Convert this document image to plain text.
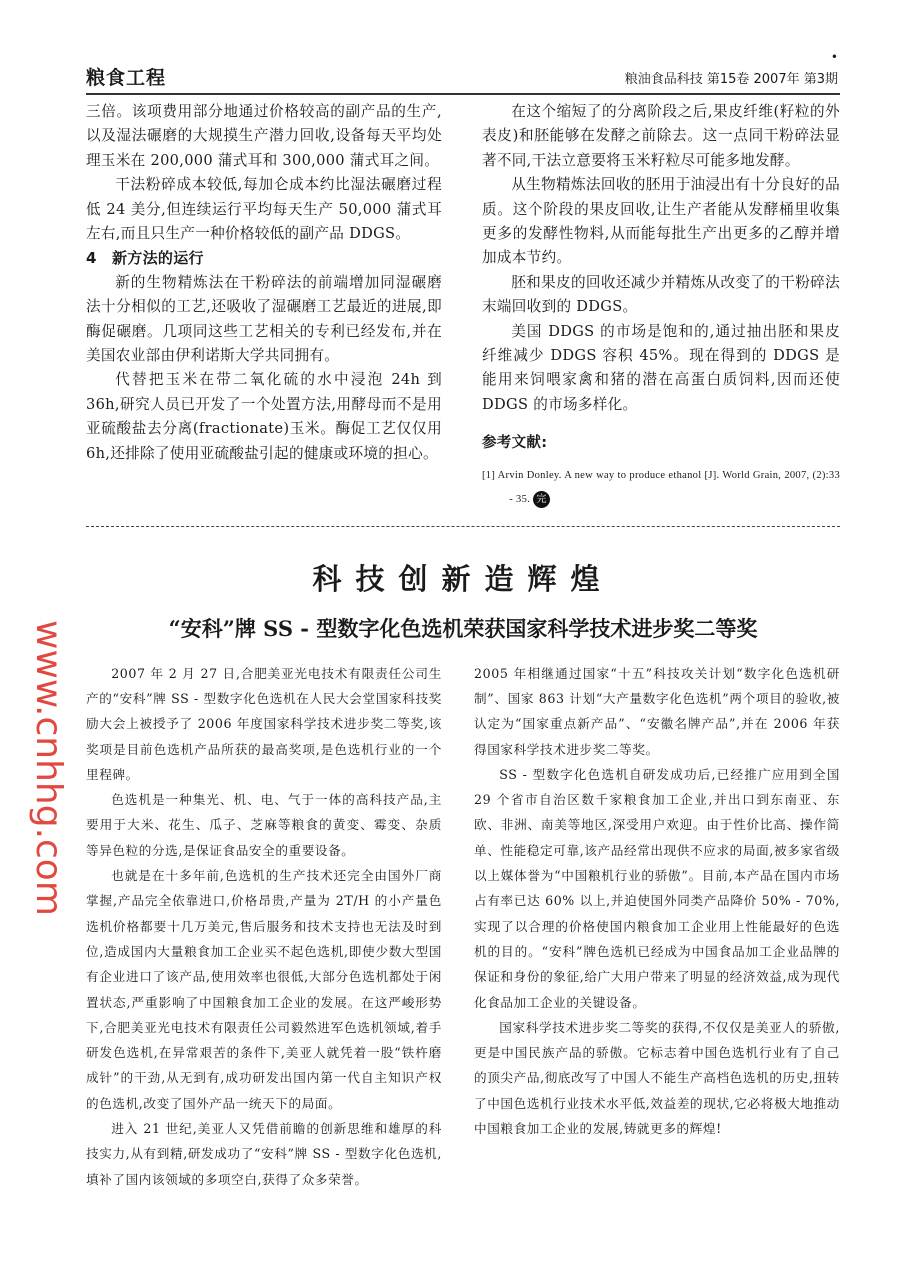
粮食工程
•
粮油食品科技 第15卷 2007年 第3期

三倍。该项费用部分地通过价格较高的副产品的生产,以及湿法碾磨的大规摸生产潜力回收,设备每天平均处理玉米在 200,000 蒲式耳和 300,000 蒲式耳之间。

干法粉碎成本较低,每加仑成本约比湿法碾磨过程低 24 美分,但连续运行平均每天生产 50,000 蒲式耳左右,而且只生产一种价格较低的副产品 DDGS。

4 新方法的运行

新的生物精炼法在干粉碎法的前端增加同湿碾磨法十分相似的工艺,还吸收了湿碾磨工艺最近的进展,即酶促碾磨。几项同这些工艺相关的专利已经发布,并在美国农业部由伊利诺斯大学共同拥有。

代替把玉米在带二氧化硫的水中浸泡 24h 到 36h,研究人员已开发了一个处置方法,用酵母而不是用亚硫酸盐去分离(fractionate)玉米。酶促工艺仅仅用 6h,还排除了使用亚硫酸盐引起的健康或环境的担心。

在这个缩短了的分离阶段之后,果皮纤维(籽粒的外表皮)和胚能够在发酵之前除去。这一点同干粉碎法显著不同,干法立意要将玉米籽粒尽可能多地发酵。

从生物精炼法回收的胚用于油浸出有十分良好的品质。这个阶段的果皮回收,让生产者能从发酵桶里收集更多的发酵性物料,从而能每批生产出更多的乙醇并增加成本节约。

胚和果皮的回收还减少并精炼从改变了的干粉碎法末端回收到的 DDGS。

美国 DDGS 的市场是饱和的,通过抽出胚和果皮纤维减少 DDGS 容积 45%。现在得到的 DDGS 是能用来饲喂家禽和猪的潜在高蛋白质饲料,因而还使 DDGS 的市场多样化。

参考文献:
[1] Arvin Donley. A new way to produce ethanol [J]. World Grain, 2007, (2):33 - 35. 完
科技创新造辉煌
“安科”牌 SS - 型数字化色选机荣获国家科学技术进步奖二等奖

2007 年 2 月 27 日,合肥美亚光电技术有限责任公司生产的“安科”牌 SS - 型数字化色选机在人民大会堂国家科技奖励大会上被授予了 2006 年度国家科学技术进步奖二等奖,该奖项是目前色选机产品所获的最高奖项,是色选机行业的一个里程碑。

色选机是一种集光、机、电、气于一体的高科技产品,主要用于大米、花生、瓜子、芝麻等粮食的黄变、霉变、杂质等异色粒的分选,是保证食品安全的重要设备。

也就是在十多年前,色选机的生产技术还完全由国外厂商掌握,产品完全依靠进口,价格昂贵,产量为 2T/H 的小产量色选机价格都要十几万美元,售后服务和技术支持也无法及时到位,造成国内大量粮食加工企业买不起色选机,即使少数大型国有企业进口了该产品,使用效率也很低,大部分色选机都处于闲置状态,严重影响了中国粮食加工企业的发展。在这严峻形势下,合肥美亚光电技术有限责任公司毅然进军色选机领域,着手研发色选机,在异常艰苦的条件下,美亚人就凭着一股“铁杵磨成针”的干劲,从无到有,成功研发出国内第一代自主知识产权的色选机,改变了国外产品一统天下的局面。

进入 21 世纪,美亚人又凭借前瞻的创新思维和雄厚的科技实力,从有到精,研发成功了“安科”牌 SS - 型数字化色选机,填补了国内该领域的多项空白,获得了众多荣誉。

2005 年相继通过国家“十五”科技攻关计划“数字化色选机研制”、国家 863 计划“大产量数字化色选机”两个项目的验收,被认定为“国家重点新产品”、“安徽名牌产品”,并在 2006 年获得国家科学技术进步奖二等奖。

SS - 型数字化色选机自研发成功后,已经推广应用到全国 29 个省市自治区数千家粮食加工企业,并出口到东南亚、东欧、非洲、南美等地区,深受用户欢迎。由于性价比高、操作简单、性能稳定可靠,该产品经常出现供不应求的局面,被多家省级以上媒体誉为“中国粮机行业的骄傲”。目前,本产品在国内市场占有率已达 60% 以上,并迫使国外同类产品降价 50% - 70%,实现了以合理的价格使国内粮食加工企业用上性能最好的色选机的目的。“安科”牌色选机已经成为中国食品加工企业品牌的保证和身份的象征,给广大用户带来了明显的经济效益,成为现代化食品加工企业的关键设备。

国家科学技术进步奖二等奖的获得,不仅仅是美亚人的骄傲,更是中国民族产品的骄傲。它标志着中国色选机行业有了自己的顶尖产品,彻底改写了中国人不能生产高档色选机的历史,扭转了中国色选机行业技术水平低,效益差的现状,它必将极大地推动中国粮食加工企业的发展,铸就更多的辉煌!

www.cnhhg.com
